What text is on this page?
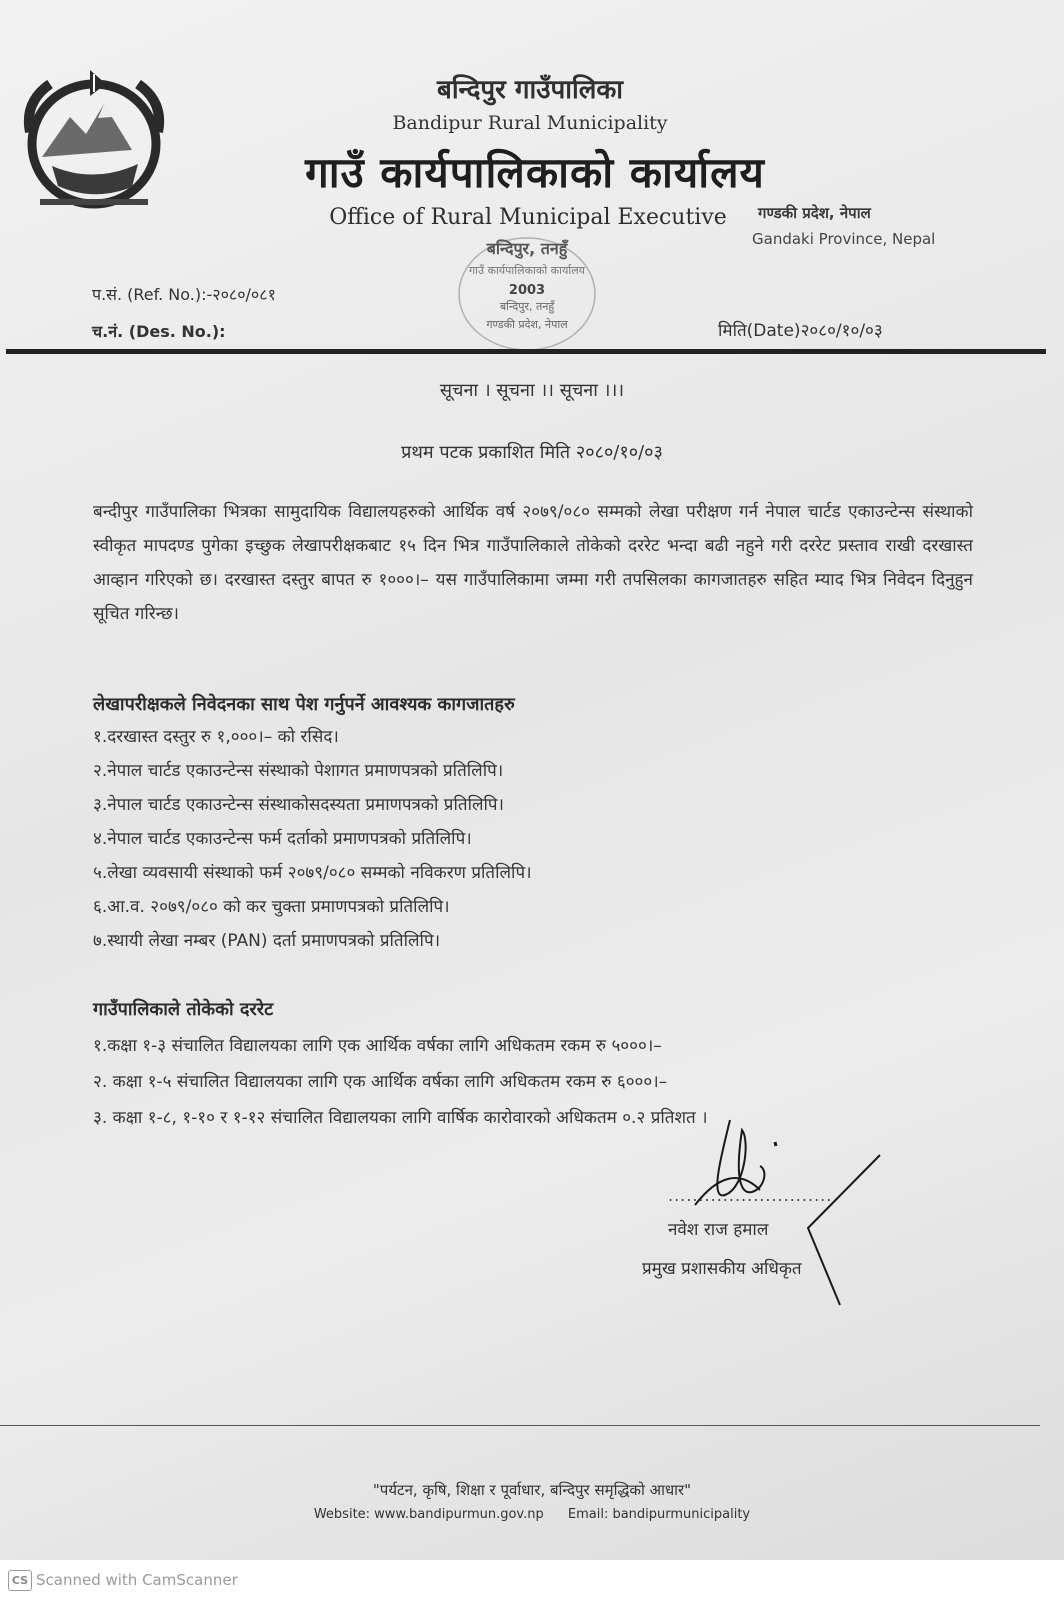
बन्दिपुर गाउँपालिका
Bandipur Rural Municipality
गाउँ कार्यपालिकाको कार्यालय
Office of Rural Municipal Executive	गण्डकी प्रदेश, नेपाल
Gandaki Province, Nepal
बन्दिपुर, तनहुँ
गाउँ कार्यपालिकाको कार्यालय
2003
बन्दिपुर, तनहुँ
गण्डकी प्रदेश, नेपाल
प.सं. (Ref. No.):-२०८०/०८१
च.नं. (Des. No.):	मिति(Date)२०८०/१०/०३
सूचना । सूचना ।। सूचना ।।।
प्रथम पटक प्रकाशित मिति २०८०/१०/०३
बन्दीपुर गाउँपालिका भित्रका सामुदायिक विद्यालयहरुको आर्थिक वर्ष २०७९/०८० सम्मको लेखा परीक्षण गर्न नेपाल चार्टड एकाउन्टेन्स संस्थाको स्वीकृत मापदण्ड पुगेका इच्छुक लेखापरीक्षकबाट १५ दिन भित्र गाउँपालिकाले तोकेको दररेट भन्दा बढी नहुने गरी दररेट प्रस्ताव राखी दरखास्त आव्हान गरिएको छ। दरखास्त दस्तुर बापत रु १०००।– यस गाउँपालिकामा जम्मा गरी तपसिलका कागजातहरु सहित म्याद भित्र निवेदन दिनुहुन सूचित गरिन्छ।
लेखापरीक्षकले निवेदनका साथ पेश गर्नुपर्ने आवश्यक कागजातहरु
१.दरखास्त दस्तुर रु १,०००।– को रसिद।
२.नेपाल चार्टड एकाउन्टेन्स संस्थाको पेशागत प्रमाणपत्रको प्रतिलिपि।
३.नेपाल चार्टड एकाउन्टेन्स संस्थाकोसदस्यता प्रमाणपत्रको प्रतिलिपि।
४.नेपाल चार्टड एकाउन्टेन्स फर्म दर्ताको प्रमाणपत्रको प्रतिलिपि।
५.लेखा व्यवसायी संस्थाको फर्म २०७९/०८० सम्मको नविकरण प्रतिलिपि।
६.आ.व. २०७९/०८० को कर चुक्ता प्रमाणपत्रको प्रतिलिपि।
७.स्थायी लेखा नम्बर (PAN) दर्ता प्रमाणपत्रको प्रतिलिपि।
गाउँपालिकाले तोकेको दररेट
१.कक्षा १-३ संचालित विद्यालयका लागि एक आर्थिक वर्षका लागि अधिकतम रकम रु ५०००।–
२. कक्षा १-५ संचालित विद्यालयका लागि एक आर्थिक वर्षका लागि अधिकतम रकम रु ६०००।–
३. कक्षा १-८, १-१० र १-१२ संचालित विद्यालयका लागि वार्षिक कारोवारको अधिकतम ०.२ प्रतिशत ।
...........................
नवेश राज हमाल
प्रमुख प्रशासकीय अधिकृत
"पर्यटन, कृषि, शिक्षा र पूर्वाधार, बन्दिपुर समृद्धिको आधार"
Website: www.bandipurmun.gov.np Email: bandipurmunicipality
CS Scanned with CamScanner
